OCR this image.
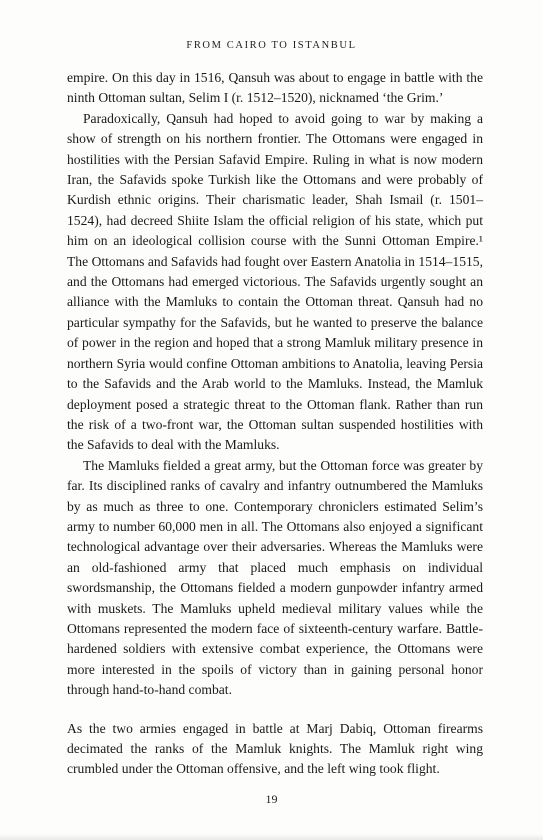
FROM CAIRO TO ISTANBUL

empire. On this day in 1516, Qansuh was about to engage in battle with the ninth Ottoman sultan, Selim I (r. 1512–1520), nicknamed ‘the Grim.’

Paradoxically, Qansuh had hoped to avoid going to war by making a show of strength on his northern frontier. The Ottomans were engaged in hostilities with the Persian Safavid Empire. Ruling in what is now modern Iran, the Safavids spoke Turkish like the Ottomans and were probably of Kurdish ethnic origins. Their charismatic leader, Shah Ismail (r. 1501–1524), had decreed Shiite Islam the official religion of his state, which put him on an ideological collision course with the Sunni Ottoman Empire.¹ The Ottomans and Safavids had fought over Eastern Anatolia in 1514–1515, and the Ottomans had emerged victorious. The Safavids urgently sought an alliance with the Mamluks to contain the Ottoman threat. Qansuh had no particular sympathy for the Safavids, but he wanted to preserve the balance of power in the region and hoped that a strong Mamluk military presence in northern Syria would confine Ottoman ambitions to Anatolia, leaving Persia to the Safavids and the Arab world to the Mamluks. Instead, the Mamluk deployment posed a strategic threat to the Ottoman flank. Rather than run the risk of a two-front war, the Ottoman sultan suspended hostilities with the Safavids to deal with the Mamluks.

The Mamluks fielded a great army, but the Ottoman force was greater by far. Its disciplined ranks of cavalry and infantry outnumbered the Mamluks by as much as three to one. Contemporary chroniclers estimated Selim’s army to number 60,000 men in all. The Ottomans also enjoyed a significant technological advantage over their adversaries. Whereas the Mamluks were an old-fashioned army that placed much emphasis on individual swordsmanship, the Ottomans fielded a modern gunpowder infantry armed with muskets. The Mamluks upheld medieval military values while the Ottomans represented the modern face of sixteenth-century warfare. Battle-hardened soldiers with extensive combat experience, the Ottomans were more interested in the spoils of victory than in gaining personal honor through hand-to-hand combat.

As the two armies engaged in battle at Marj Dabiq, Ottoman firearms decimated the ranks of the Mamluk knights. The Mamluk right wing crumbled under the Ottoman offensive, and the left wing took flight.

19
